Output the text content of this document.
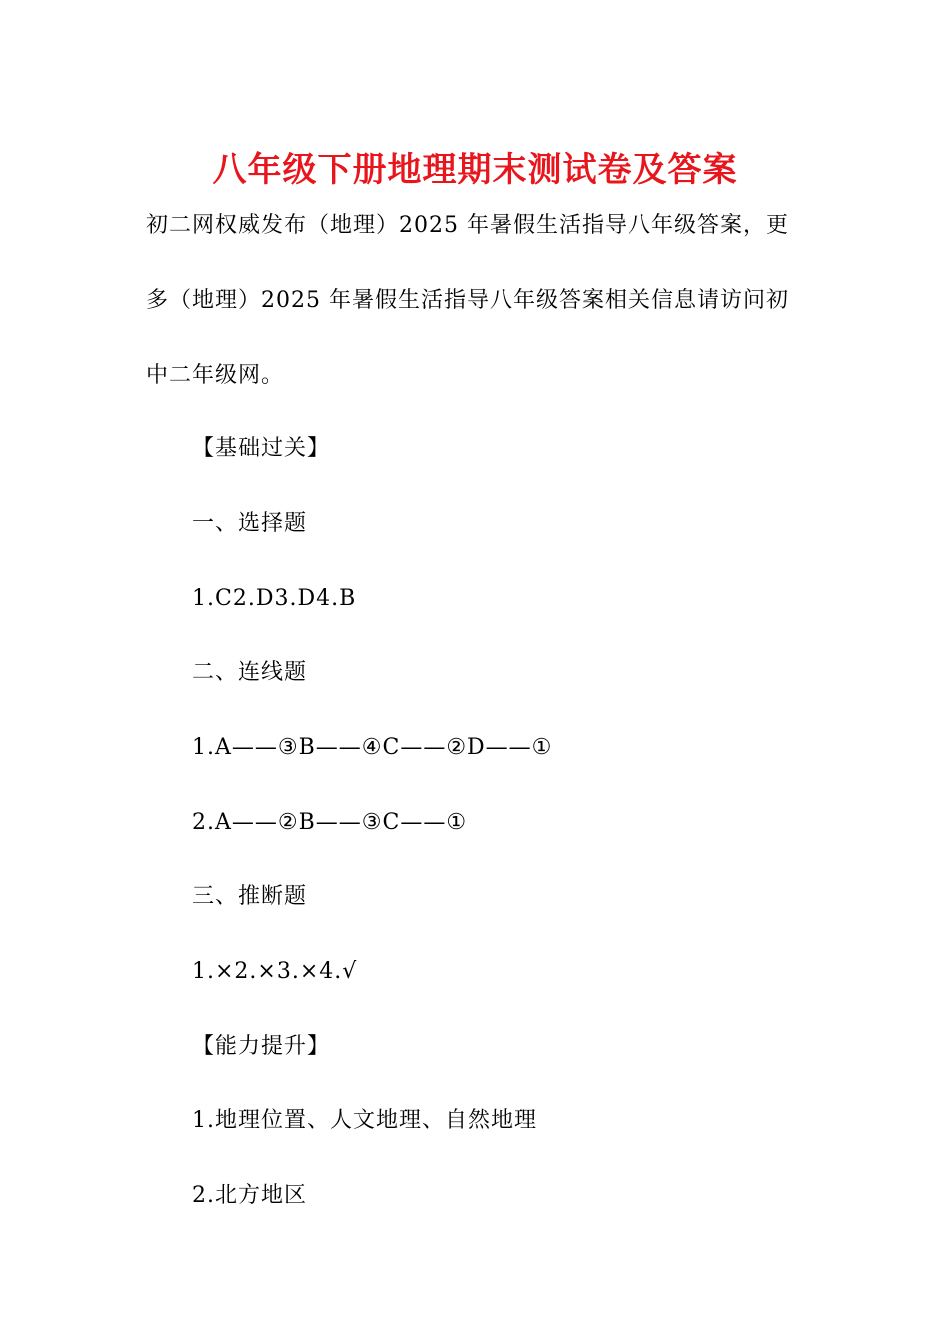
八年级下册地理期末测试卷及答案
初二网权威发布（地理）2025 年暑假生活指导八年级答案，更
多（地理）2025 年暑假生活指导八年级答案相关信息请访问初
中二年级网。
【基础过关】
一、选择题
1.C2.D3.D4.B
二、连线题
1.A——③B——④C——②D——①
2.A——②B——③C——①
三、推断题
1.×2.×3.×4.√
【能力提升】
1.地理位置、人文地理、自然地理
2.北方地区
